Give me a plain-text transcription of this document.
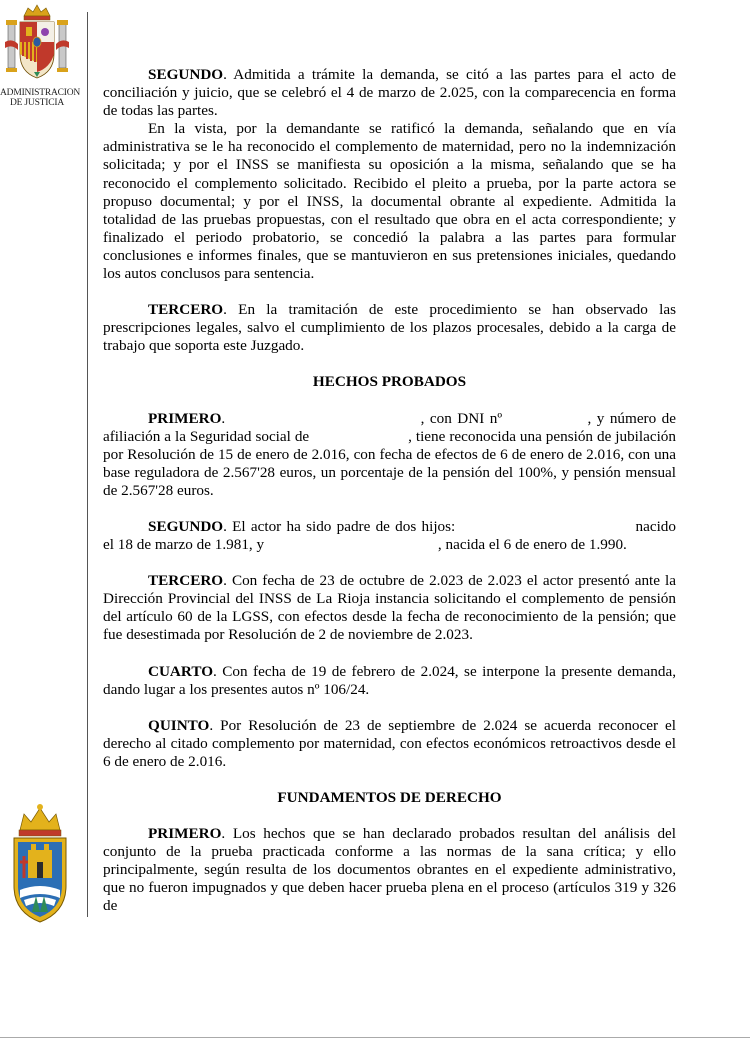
ADMINISTRACION DE JUSTICIA

SEGUNDO. Admitida a trámite la demanda, se citó a las partes para el acto de conciliación y juicio, que se celebró el 4 de marzo de 2.025, con la comparecencia en forma de todas las partes.

En la vista, por la demandante se ratificó la demanda, señalando que en vía administrativa se le ha reconocido el complemento de maternidad, pero no la indemnización solicitada; y por el INSS se manifiesta su oposición a la misma, señalando que se ha reconocido el complemento solicitado. Recibido el pleito a prueba, por la parte actora se propuso documental; y por el INSS, la documental obrante al expediente. Admitida la totalidad de las pruebas propuestas, con el resultado que obra en el acta correspondiente; y finalizado el periodo probatorio, se concedió la palabra a las partes para formular conclusiones e informes finales, que se mantuvieron en sus pretensiones iniciales, quedando los autos conclusos para sentencia.

TERCERO. En la tramitación de este procedimiento se han observado las prescripciones legales, salvo el cumplimiento de los plazos procesales, debido a la carga de trabajo que soporta este Juzgado.

HECHOS PROBADOS

PRIMERO.	, con DNI nº	, y número de afiliación a la Seguridad social de	, tiene reconocida una pensión de jubilación por Resolución de 15 de enero de 2.016, con fecha de efectos de 6 de enero de 2.016, con una base reguladora de 2.567'28 euros, un porcentaje de la pensión del 100%, y pensión mensual de 2.567'28 euros.

SEGUNDO. El actor ha sido padre de dos hijos:	nacido el 18 de marzo de 1.981, y	, nacida el 6 de enero de 1.990.

TERCERO. Con fecha de 23 de octubre de 2.023 de 2.023 el actor presentó ante la Dirección Provincial del INSS de La Rioja instancia solicitando el complemento de pensión del artículo 60 de la LGSS, con efectos desde la fecha de reconocimiento de la pensión; que fue desestimada por Resolución de 2 de noviembre de 2.023.

CUARTO. Con fecha de 19 de febrero de 2.024, se interpone la presente demanda, dando lugar a los presentes autos nº 106/24.

QUINTO. Por Resolución de 23 de septiembre de 2.024 se acuerda reconocer el derecho al citado complemento por maternidad, con efectos económicos retroactivos desde el 6 de enero de 2.016.

FUNDAMENTOS DE DERECHO

PRIMERO. Los hechos que se han declarado probados resultan del análisis del conjunto de la prueba practicada conforme a las normas de la sana crítica; y ello principalmente, según resulta de los documentos obrantes en el expediente administrativo, que no fueron impugnados y que deben hacer prueba plena en el proceso (artículos 319 y 326 de
